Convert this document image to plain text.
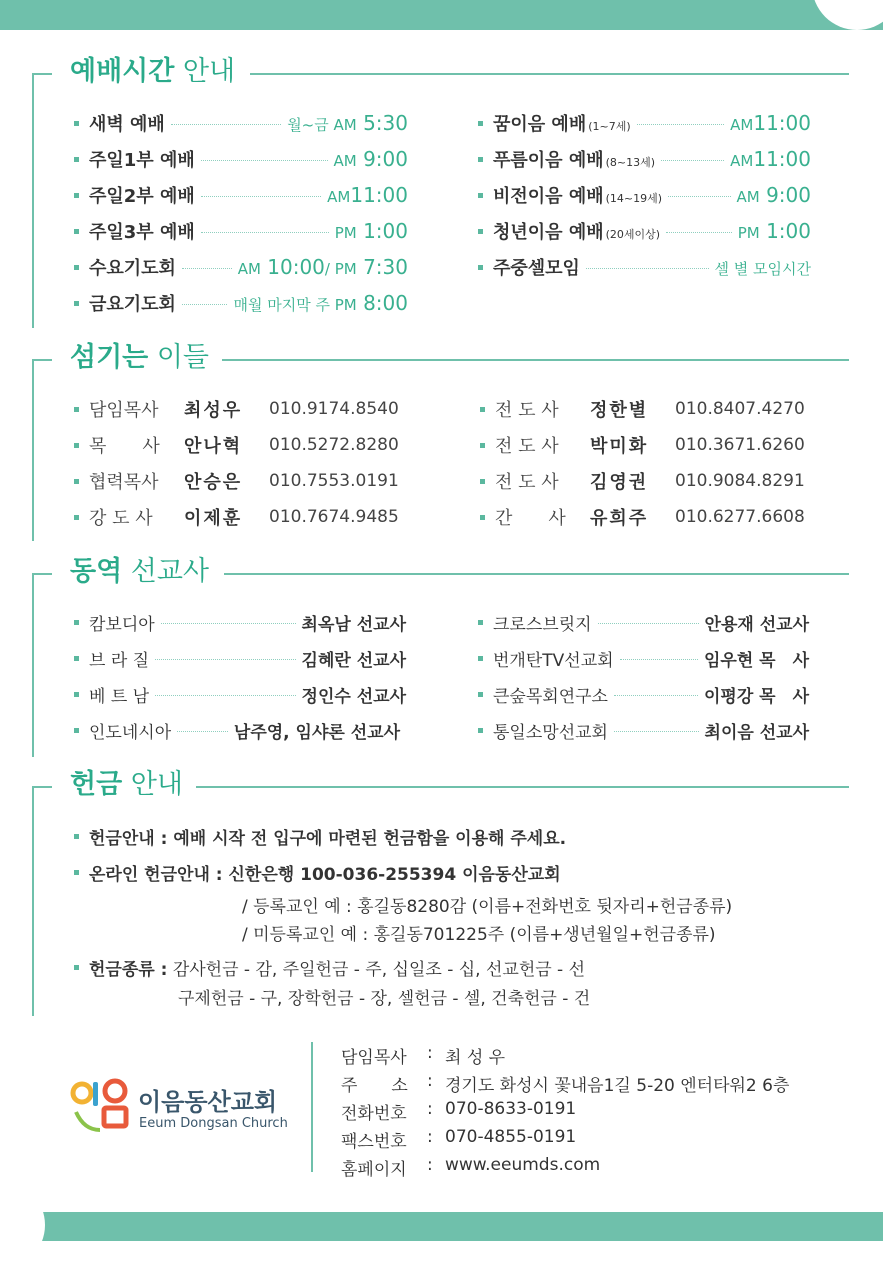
예배시간 안내
새벽 예배	월~금 AM 5:30
주일1부 예배	AM 9:00
주일2부 예배	AM11:00
주일3부 예배	PM 1:00
수요기도회	AM 10:00/ PM 7:30
금요기도회	매월 마지막 주 PM 8:00
꿈이음 예배 (1~7세)	AM11:00
푸름이음 예배 (8~13세)	AM11:00
비전이음 예배 (14~19세)	AM 9:00
청년이음 예배 (20세이상)	PM 1:00
주중셀모임	셀 별 모임시간
섬기는 이들
담임목사	최성우	010.9174.8540
목　　사	안나혁	010.5272.8280
협력목사	안승은	010.7553.0191
강 도 사	이제훈	010.7674.9485
전 도 사	정한별	010.8407.4270
전 도 사	박미화	010.3671.6260
전 도 사	김영권	010.9084.8291
간　　사	유희주	010.6277.6608
동역 선교사
캄보디아	최옥남 선교사
브 라 질	김혜란 선교사
베 트 남	정인수 선교사
인도네시아	남주영, 임샤론 선교사
크로스브릿지	안용재 선교사
번개탄TV선교회	임우현 목　사
큰숲목회연구소	이평강 목　사
통일소망선교회	최이음 선교사
헌금 안내
헌금안내 : 예배 시작 전 입구에 마련된 헌금함을 이용해 주세요.
온라인 헌금안내 : 신한은행 100-036-255394 이음동산교회
/ 등록교인 예 : 홍길동8280감 (이름+전화번호 뒷자리+헌금종류)
/ 미등록교인 예 : 홍길동701225주 (이름+생년월일+헌금종류)
헌금종류 :
감사헌금 - 감, 주일헌금 - 주, 십일조 - 십, 선교헌금 - 선
구제헌금 - 구, 장학헌금 - 장, 셀헌금 - 셀, 건축헌금 - 건
이음동산교회
Eeum Dongsan Church
담임목사	: 최 성 우
주　　소	: 경기도 화성시 꽃내음1길 5-20 엔터타워2 6층
전화번호	: 070-8633-0191
팩스번호	: 070-4855-0191
홈페이지	: www.eeumds.com
